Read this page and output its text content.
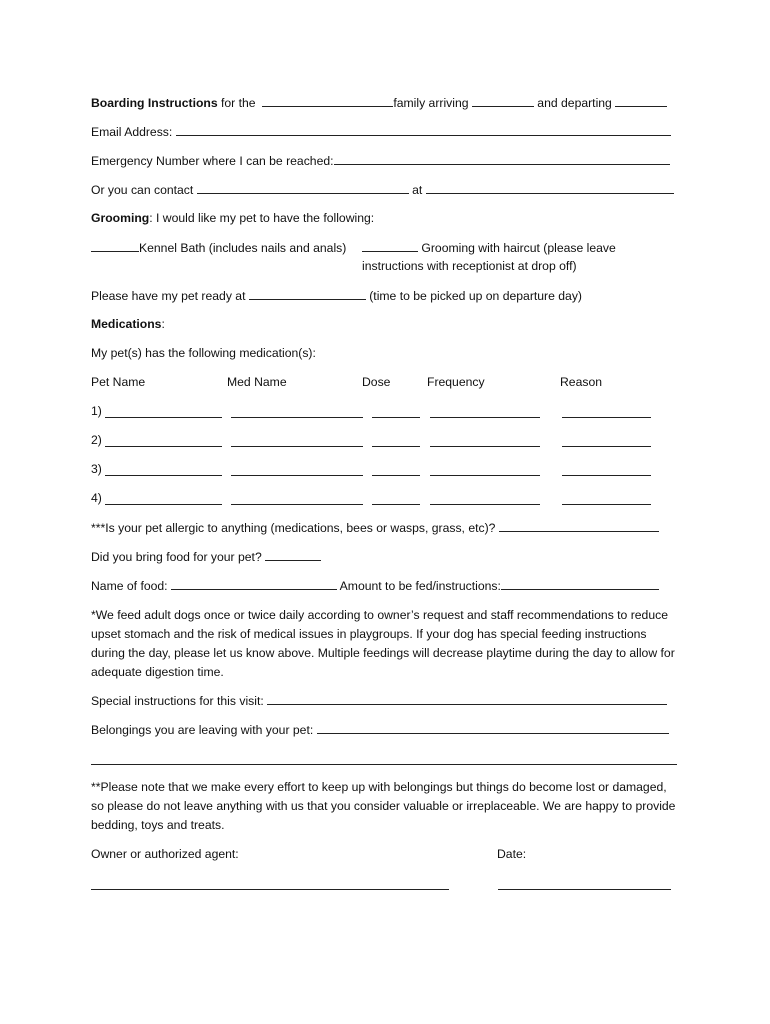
Boarding Instructions for the	family arriving	and departing
Email Address:
Emergency Number where I can be reached:
Or you can contact	at
Grooming: I would like my pet to have the following:
Kennel Bath (includes nails and anals)	Grooming with haircut (please leave
instructions with receptionist at drop off)
Please have my pet ready at	(time to be picked up on departure day)
Medications:
My pet(s) has the following medication(s):
Pet Name	Med Name	Dose	Frequency	Reason
1)
2)
3)
4)
***Is your pet allergic to anything (medications, bees or wasps, grass, etc)?
Did you bring food for your pet?
Name of food:	Amount to be fed/instructions:
*We feed adult dogs once or twice daily according to owner’s request and staff recommendations to reduce upset stomach and the risk of medical issues in playgroups. If your dog has special feeding instructions during the day, please let us know above. Multiple feedings will decrease playtime during the day to allow for adequate digestion time.
Special instructions for this visit:
Belongings you are leaving with your pet:
**Please note that we make every effort to keep up with belongings but things do become lost or damaged, so please do not leave anything with us that you consider valuable or irreplaceable. We are happy to provide bedding, toys and treats.
Owner or authorized agent:	Date:
